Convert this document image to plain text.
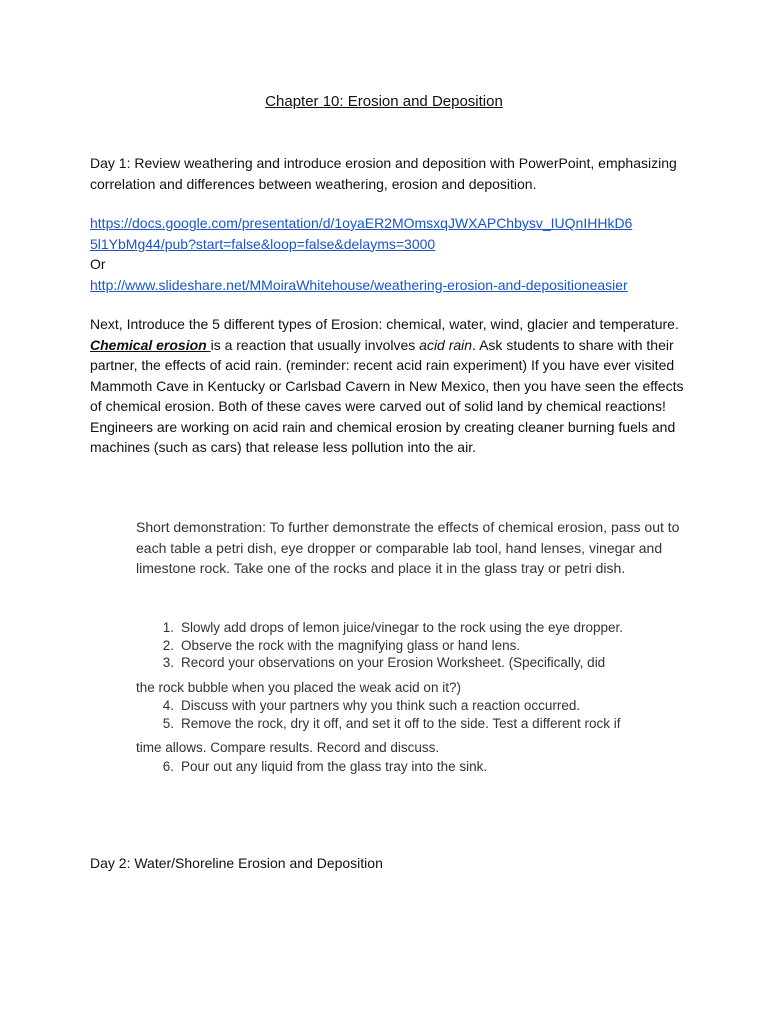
Chapter 10: Erosion and Deposition
Day 1: Review weathering and introduce erosion and deposition with PowerPoint, emphasizing correlation and differences between weathering, erosion and deposition.
https://docs.google.com/presentation/d/1oyaER2MOmsxqJWXAPChbysv_IUQnIHHkD6
5l1YbMg44/pub?start=false&loop=false&delayms=3000
Or
http://www.slideshare.net/MMoiraWhitehouse/weathering-erosion-and-depositioneasier
Next, Introduce the 5 different types of Erosion: chemical, water, wind, glacier and temperature.
Chemical erosion is a reaction that usually involves acid rain. Ask students to share with their partner, the effects of acid rain. (reminder: recent acid rain experiment) If you have ever visited Mammoth Cave in Kentucky or Carlsbad Cavern in New Mexico, then you have seen the effects of chemical erosion. Both of these caves were carved out of solid land by chemical reactions! Engineers are working on acid rain and chemical erosion by creating cleaner burning fuels and machines (such as cars) that release less pollution into the air.
Short demonstration: To further demonstrate the effects of chemical erosion, pass out to each table a petri dish, eye dropper or comparable lab tool, hand lenses, vinegar and limestone rock. Take one of the rocks and place it in the glass tray or petri dish.
1. Slowly add drops of lemon juice/vinegar to the rock using the eye dropper.
2. Observe the rock with the magnifying glass or hand lens.
3. Record your observations on your Erosion Worksheet. (Specifically, did
the rock bubble when you placed the weak acid on it?)
4. Discuss with your partners why you think such a reaction occurred.
5. Remove the rock, dry it off, and set it off to the side. Test a different rock if
time allows. Compare results. Record and discuss.
6. Pour out any liquid from the glass tray into the sink.
Day 2: Water/Shoreline Erosion and Deposition
